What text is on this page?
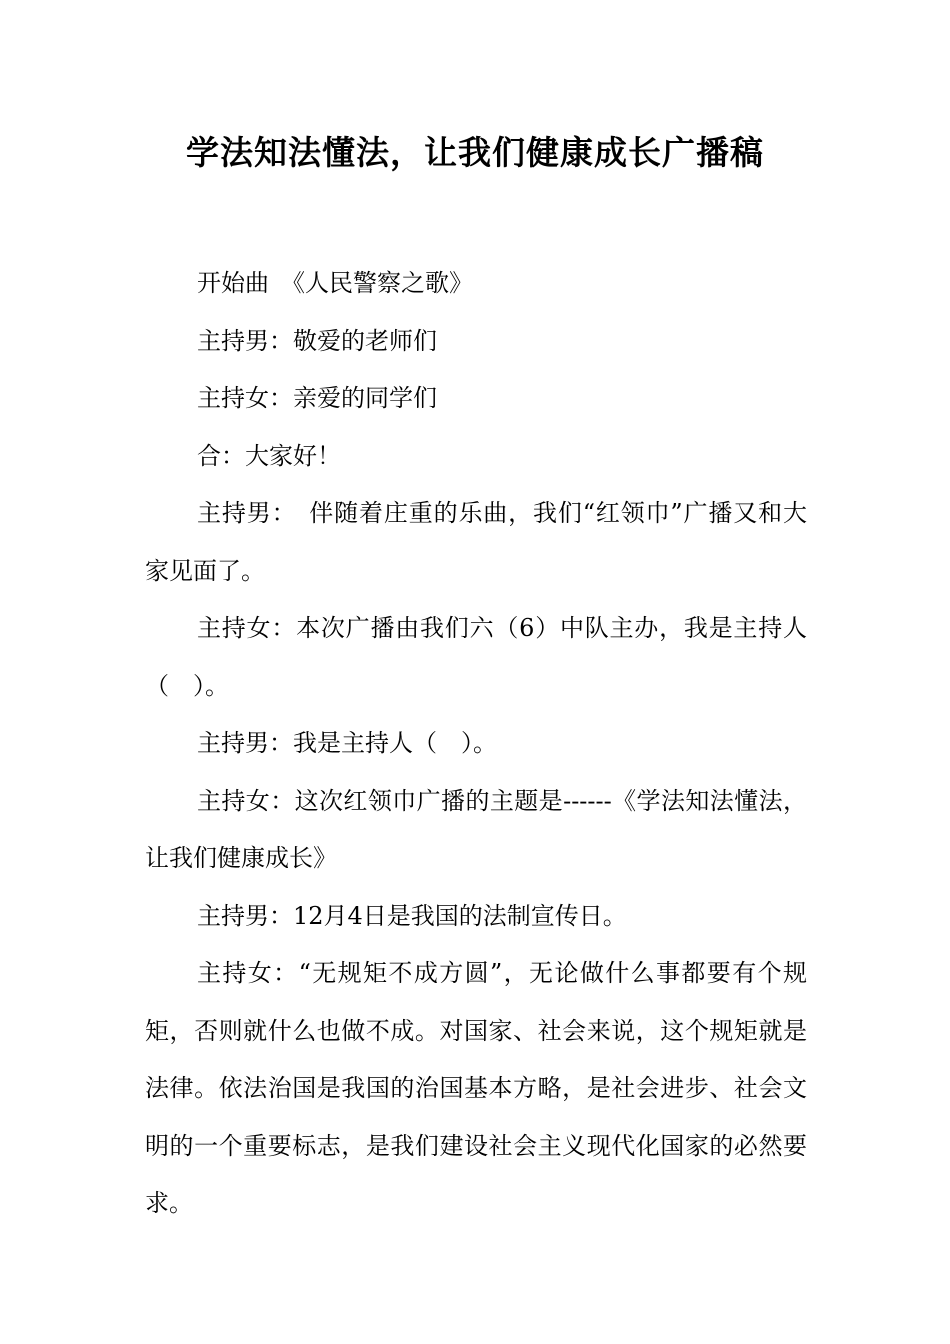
学法知法懂法，让我们健康成长广播稿

开始曲　《人民警察之歌》

主持男：敬爱的老师们

主持女：亲爱的同学们

合：大家好！

主持男：　伴随着庄重的乐曲，我们“红领巾”广播又和大家见面了。

主持女：本次广播由我们六（6）中队主办，我是主持人（　）。

主持男：我是主持人（　）。

主持女：这次红领巾广播的主题是------《学法知法懂法，让我们健康成长》

主持男：12月4日是我国的法制宣传日。

主持女：“无规矩不成方圆”，无论做什么事都要有个规矩，否则就什么也做不成。对国家、社会来说，这个规矩就是法律。依法治国是我国的治国基本方略，是社会进步、社会文明的一个重要标志，是我们建设社会主义现代化国家的必然要求。
